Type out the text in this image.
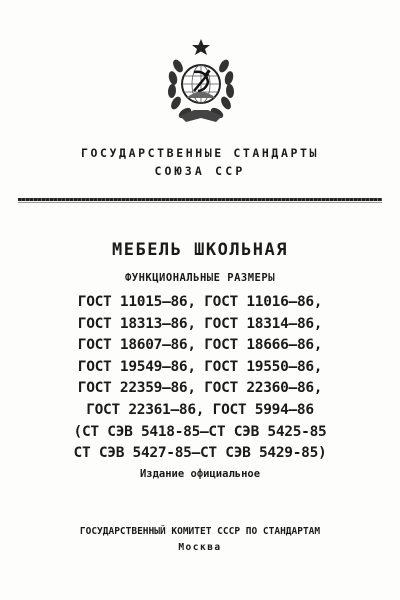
ГОСУДАРСТВЕННЫЕ СТАНДАРТЫ
СОЮЗА ССР
МЕБЕЛЬ ШКОЛЬНАЯ
ФУНКЦИОНАЛЬНЫЕ РАЗМЕРЫ
ГОСТ 11015–86, ГОСТ 11016–86,
ГОСТ 18313–86, ГОСТ 18314–86,
ГОСТ 18607–86, ГОСТ 18666–86,
ГОСТ 19549–86, ГОСТ 19550–86,
ГОСТ 22359–86, ГОСТ 22360–86,
ГОСТ 22361–86, ГОСТ 5994–86
(СТ СЭВ 5418-85–СТ СЭВ 5425-85
СТ СЭВ 5427-85–СТ СЭВ 5429-85)
Издание официальное
ГОСУДАРСТВЕННЫЙ КОМИТЕТ СССР ПО СТАНДАРТАМ
Москва
